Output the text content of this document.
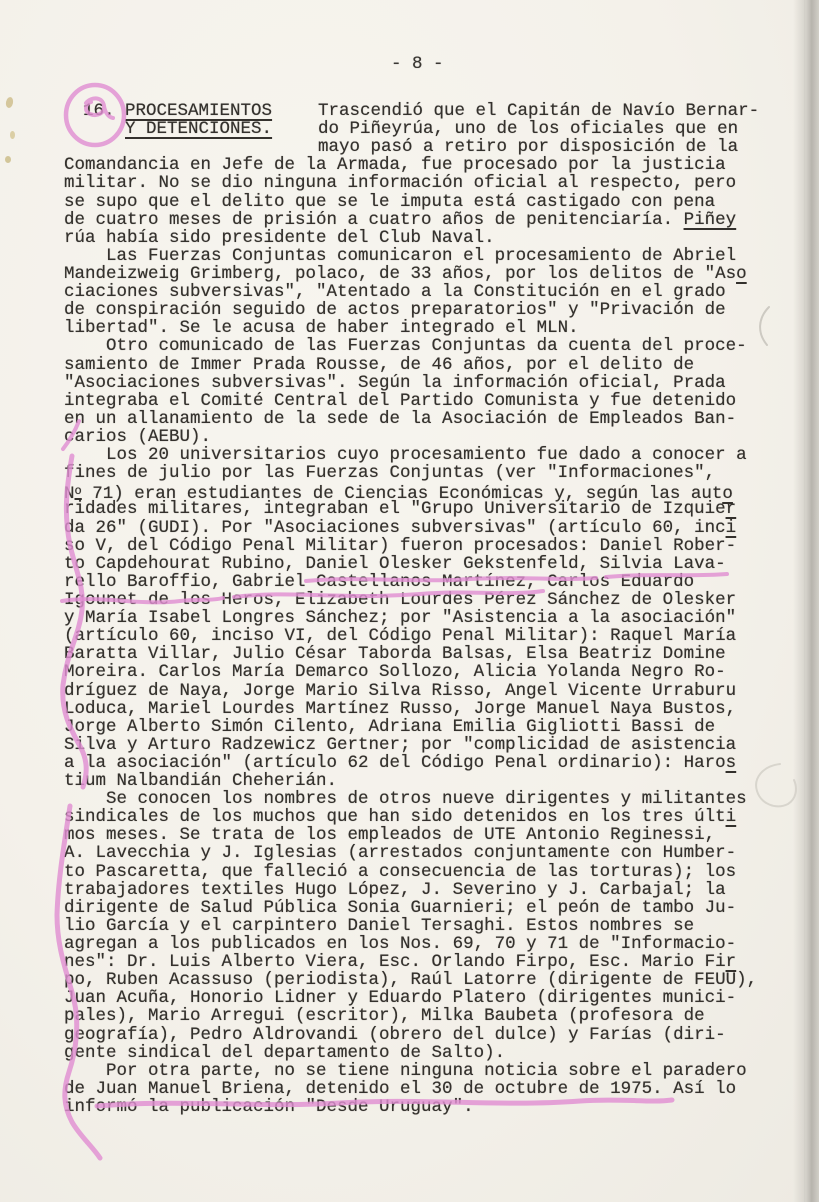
- 8 -
16. PROCESAMIENTOS
Y DETENCIONES.
Trascendió que el Capitán de Navío Bernar-
do Piñeyrúa, uno de los oficiales que en
mayo pasó a retiro por disposición de la
Comandancia en Jefe de la Armada, fue procesado por la justicia
militar. No se dio ninguna información oficial al respecto, pero
se supo que el delito que se le imputa está castigado con pena
de cuatro meses de prisión a cuatro años de penitenciaría. Piñey
rúa había sido presidente del Club Naval.
Las Fuerzas Conjuntas comunicaron el procesamiento de Abriel
Mandeizweig Grimberg, polaco, de 33 años, por los delitos de "Aso
ciaciones subversivas", "Atentado a la Constitución en el grado
de conspiración seguido de actos preparatorios" y "Privación de
libertad". Se le acusa de haber integrado el MLN.
Otro comunicado de las Fuerzas Conjuntas da cuenta del proce-
samiento de Immer Prada Rousse, de 46 años, por el delito de
"Asociaciones subversivas". Según la información oficial, Prada
integraba el Comité Central del Partido Comunista y fue detenido
en un allanamiento de la sede de la Asociación de Empleados Ban-
carios (AEBU).
Los 20 universitarios cuyo procesamiento fue dado a conocer a
fines de julio por las Fuerzas Conjuntas (ver "Informaciones",
$N^o$ 71) eran estudiantes de Ciencias Económicas y, según las auto
ridades militares, integraban el "Grupo Universitario de Izquier
da 26" (GUDI). Por "Asociaciones subversivas" (artículo 60, inci
so V, del Código Penal Militar) fueron procesados: Daniel Rober-
to Capdehourat Rubino, Daniel Olesker Gekstenfeld, Silvia Lava-
rello Baroffio, Gabriel Castellanos Martínez, Carlos Eduardo
Igounet de los Heros, Elizabeth Lourdes Pérez Sánchez de Olesker
y María Isabel Longres Sánchez; por "Asistencia a la asociación"
(artículo 60, inciso VI, del Código Penal Militar): Raquel María
Baratta Villar, Julio César Taborda Balsas, Elsa Beatriz Domine
Moreira. Carlos María Demarco Sollozo, Alicia Yolanda Negro Ro-
dríguez de Naya, Jorge Mario Silva Risso, Angel Vicente Urraburu
Loduca, Mariel Lourdes Martínez Russo, Jorge Manuel Naya Bustos,
Jorge Alberto Simón Cilento, Adriana Emilia Gigliotti Bassi de
Silva y Arturo Radzewicz Gertner; por "complicidad de asistencia
a la asociación" (artículo 62 del Código Penal ordinario): Haros
tium Nalbandián Cheherián.
Se conocen los nombres de otros nueve dirigentes y militantes
sindicales de los muchos que han sido detenidos en los tres últi
mos meses. Se trata de los empleados de UTE Antonio Reginessi,
A. Lavecchia y J. Iglesias (arrestados conjuntamente con Humber-
to Pascaretta, que falleció a consecuencia de las torturas); los
trabajadores textiles Hugo López, J. Severino y J. Carbajal; la
dirigente de Salud Pública Sonia Guarnieri; el peón de tambo Ju-
lio García y el carpintero Daniel Tersaghi. Estos nombres se
agregan a los publicados en los Nos. 69, 70 y 71 de "Informacio-
nes": Dr. Luis Alberto Viera, Esc. Orlando Firpo, Esc. Mario Fir
po, Ruben Acassuso (periodista), Raúl Latorre (dirigente de FEUU),
Juan Acuña, Honorio Lidner y Eduardo Platero (dirigentes munici-
pales), Mario Arregui (escritor), Milka Baubeta (profesora de
geografía), Pedro Aldrovandi (obrero del dulce) y Farías (diri-
gente sindical del departamento de Salto).
Por otra parte, no se tiene ninguna noticia sobre el paradero
de Juan Manuel Briena, detenido el 30 de octubre de 1975. Así lo
informó la publicación "Desde Uruguay".
